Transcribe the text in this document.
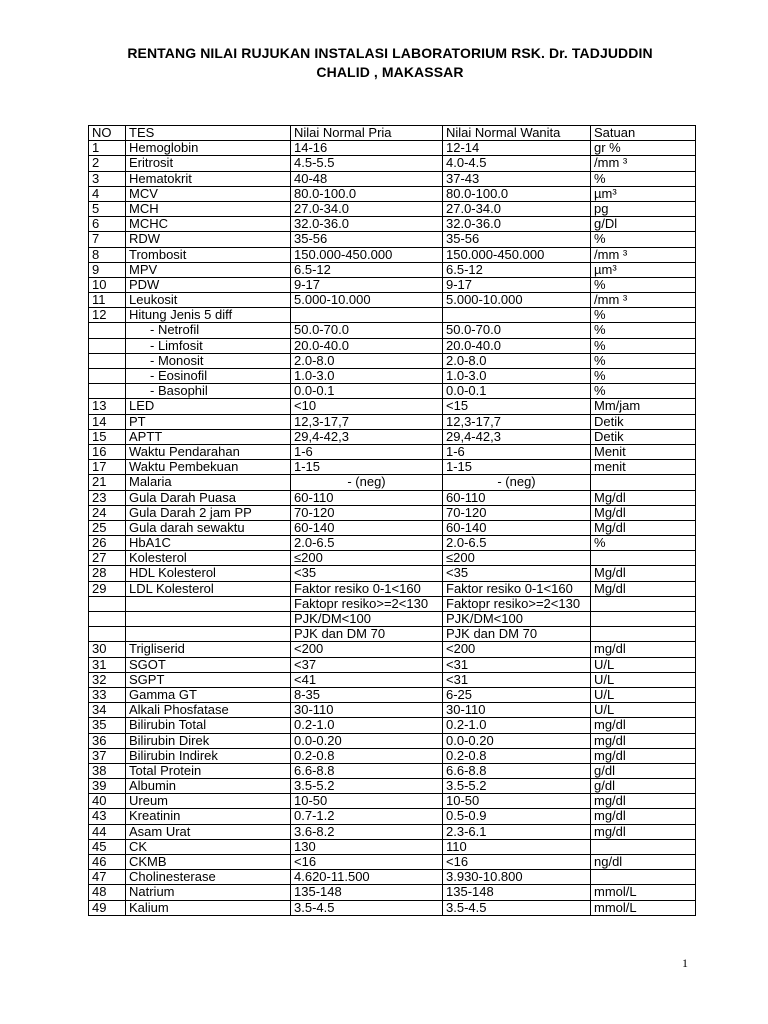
RENTANG NILAI RUJUKAN INSTALASI LABORATORIUM RSK. Dr. TADJUDDIN
CHALID , MAKASSAR
NO	TES	Nilai Normal Pria	Nilai Normal Wanita	Satuan
1	Hemoglobin	14-16	12-14	gr %
2	Eritrosit	4.5-5.5	4.0-4.5	/mm ³
3	Hematokrit	40-48	37-43	%
4	MCV	80.0-100.0	80.0-100.0	µm³
5	MCH	27.0-34.0	27.0-34.0	pg
6	MCHC	32.0-36.0	32.0-36.0	g/Dl
7	RDW	35-56	35-56	%
8	Trombosit	150.000-450.000	150.000-450.000	/mm ³
9	MPV	6.5-12	6.5-12	µm³
10	PDW	9-17	9-17	%
11	Leukosit	5.000-10.000	5.000-10.000	/mm ³
12	Hitung Jenis 5 diff			%
	- Netrofil	50.0-70.0	50.0-70.0	%
	- Limfosit	20.0-40.0	20.0-40.0	%
	- Monosit	2.0-8.0	2.0-8.0	%
	- Eosinofil	1.0-3.0	1.0-3.0	%
	- Basophil	0.0-0.1	0.0-0.1	%
13	LED	<10	<15	Mm/jam
14	PT	12,3-17,7	12,3-17,7	Detik
15	APTT	29,4-42,3	29,4-42,3	Detik
16	Waktu Pendarahan	1-6	1-6	Menit
17	Waktu Pembekuan	1-15	1-15	menit
21	Malaria	- (neg)	- (neg)	
23	Gula Darah Puasa	60-110	60-110	Mg/dl
24	Gula Darah 2 jam PP	70-120	70-120	Mg/dl
25	Gula darah sewaktu	60-140	60-140	Mg/dl
26	HbA1C	2.0-6.5	2.0-6.5	%
27	Kolesterol	≤200	≤200	
28	HDL Kolesterol	<35	<35	Mg/dl
29	LDL Kolesterol	Faktor resiko 0-1<160	Faktor resiko 0-1<160	Mg/dl
		Faktopr resiko>=2<130	Faktopr resiko>=2<130	
		PJK/DM<100	PJK/DM<100	
		PJK dan DM 70	PJK dan DM 70	
30	Trigliserid	<200	<200	mg/dl
31	SGOT	<37	<31	U/L
32	SGPT	<41	<31	U/L
33	Gamma GT	8-35	6-25	U/L
34	Alkali Phosfatase	30-110	30-110	U/L
35	Bilirubin Total	0.2-1.0	0.2-1.0	mg/dl
36	Bilirubin Direk	0.0-0.20	0.0-0.20	mg/dl
37	Bilirubin Indirek	0.2-0.8	0.2-0.8	mg/dl
38	Total Protein	6.6-8.8	6.6-8.8	g/dl
39	Albumin	3.5-5.2	3.5-5.2	g/dl
40	Ureum	10-50	10-50	mg/dl
43	Kreatinin	0.7-1.2	0.5-0.9	mg/dl
44	Asam Urat	3.6-8.2	2.3-6.1	mg/dl
45	CK	130	110	
46	CKMB	<16	<16	ng/dl
47	Cholinesterase	4.620-11.500	3.930-10.800	
48	Natrium	135-148	135-148	mmol/L
49	Kalium	3.5-4.5	3.5-4.5	mmol/L
1
